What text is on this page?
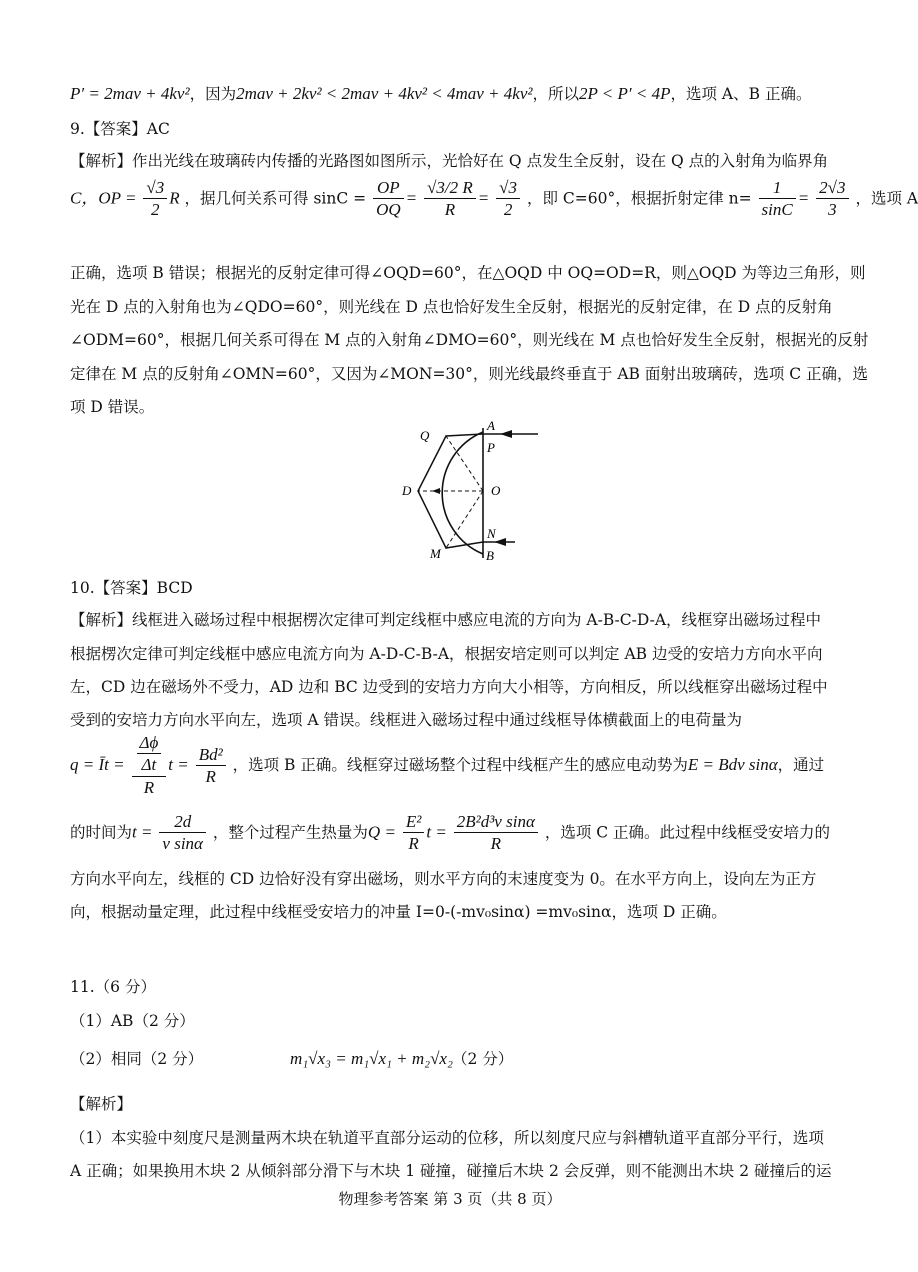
P′ = 2mav + 4kv²，因为2mav + 2kv² < 2mav + 4kv² < 4mav + 4kv²，所以2P < P′ < 4P，选项 A、B 正确。
9.【答案】AC
【解析】作出光线在玻璃砖内传播的光路图如图所示，光恰好在 Q 点发生全反射，设在 Q 点的入射角为临界角
C，OP = $\frac{√3}{2}$ R ，据几何关系可得 $\sin C = \frac{OP}{OQ} = \frac{√3/2 R}{R} = \frac{√3}{2}$ ，即 C=60°，根据折射定律 $n= \frac{1}{\sin C} = \frac{2√3}{3}$ ，选项 A
正确，选项 B 错误；根据光的反射定律可得∠OQD=60°，在△OQD 中 OQ=OD=R，则△OQD 为等边三角形，则
光在 D 点的入射角也为∠QDO=60°，则光线在 D 点也恰好发生全反射，根据光的反射定律，在 D 点的反射角
∠ODM=60°，根据几何关系可得在 M 点的入射角∠DMO=60°，则光线在 M 点也恰好发生全反射，根据光的反射
定律在 M 点的反射角∠OMN=60°，又因为∠MON=30°，则光线最终垂直于 AB 面射出玻璃砖，选项 C 正确，选
项 D 错误。
Q
A
P
D	O
N
M	B
10.【答案】BCD
【解析】线框进入磁场过程中根据楞次定律可判定线框中感应电流的方向为 A-B-C-D-A，线框穿出磁场过程中
根据楞次定律可判定线框中感应电流方向为 A-D-C-B-A，根据安培定则可以判定 AB 边受的安培力方向水平向
左，CD 边在磁场外不受力，AD 边和 BC 边受到的安培力方向大小相等，方向相反，所以线框穿出磁场过程中
受到的安培力方向水平向左，选项 A 错误。线框进入磁场过程中通过线框导体横截面上的电荷量为
q = Īt = $\frac{\frac{\Delta\phi}{\Delta t}}{R}$ $t = \frac{\text{Bd²}}{R}$ ，选项 B 正确。线框穿过磁场整个过程中线框产生的感应电动势为E = Bdv sinα，通过
的时间为$t = \frac{2d}{\text{v sinα}}$ ，整个过程产生热量为$Q = \frac{\text{E²}}{R}$ $t = \frac{\text{2B²d³v sinα}}{R}$ ，选项 C 正确。此过程中线框受安培力的
方向水平向左，线框的 CD 边恰好没有穿出磁场，则水平方向的末速度变为 0。在水平方向上，设向左为正方
向，根据动量定理，此过程中线框受安培力的冲量 I=0-(-mv₀sinα) =mv₀sinα，选项 D 正确。
11.（6 分）
（1）AB（2 分）
（2）相同（2 分）	m₁√x₃ = m₁√x₁ + m₂√x₂ （2 分）
【解析】
（1）本实验中刻度尺是测量两木块在轨道平直部分运动的位移，所以刻度尺应与斜槽轨道平直部分平行，选项
A 正确；如果换用木块 2 从倾斜部分滑下与木块 1 碰撞，碰撞后木块 2 会反弹，则不能测出木块 2 碰撞后的运
物理参考答案 第 3 页（共 8 页）
